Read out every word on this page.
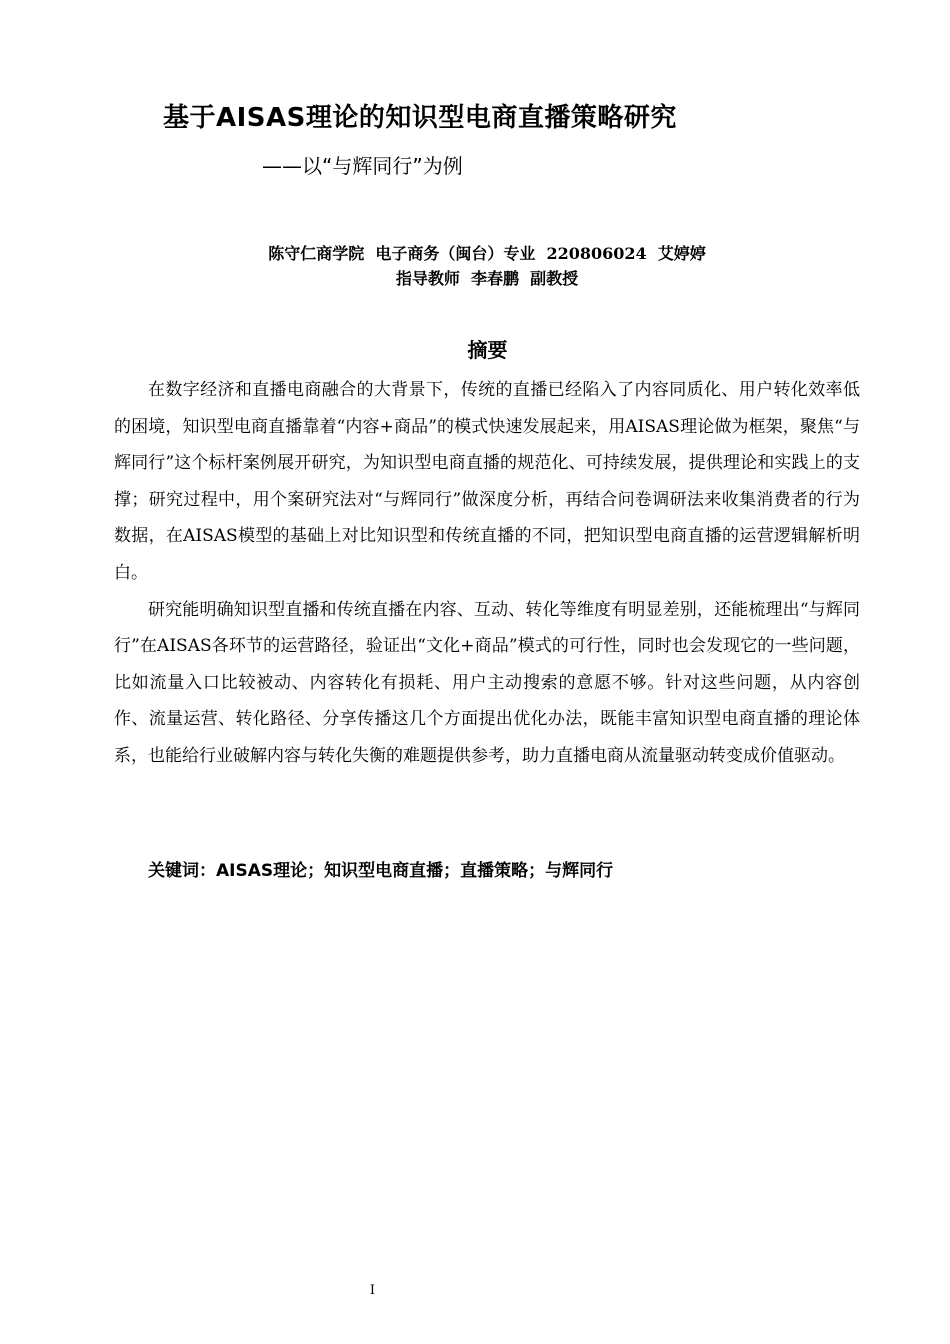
基于AISAS理论的知识型电商直播策略研究
——以“与辉同行”为例
陈守仁商学院  电子商务（闽台）专业  220806024  艾婷婷
指导教师  李春鹏  副教授
摘要

在数字经济和直播电商融合的大背景下，传统的直播已经陷入了内容同质化、用户转化效率低的困境，知识型电商直播靠着“内容+商品”的模式快速发展起来，用AISAS理论做为框架，聚焦“与辉同行”这个标杆案例展开研究，为知识型电商直播的规范化、可持续发展，提供理论和实践上的支撑；研究过程中，用个案研究法对“与辉同行”做深度分析，再结合问卷调研法来收集消费者的行为数据，在AISAS模型的基础上对比知识型和传统直播的不同，把知识型电商直播的运营逻辑解析明白。

研究能明确知识型直播和传统直播在内容、互动、转化等维度有明显差别，还能梳理出“与辉同行”在AISAS各环节的运营路径，验证出“文化+商品”模式的可行性，同时也会发现它的一些问题，比如流量入口比较被动、内容转化有损耗、用户主动搜索的意愿不够。针对这些问题，从内容创作、流量运营、转化路径、分享传播这几个方面提出优化办法，既能丰富知识型电商直播的理论体系，也能给行业破解内容与转化失衡的难题提供参考，助力直播电商从流量驱动转变成价值驱动。

关键词：AISAS理论；知识型电商直播；直播策略；与辉同行
I
